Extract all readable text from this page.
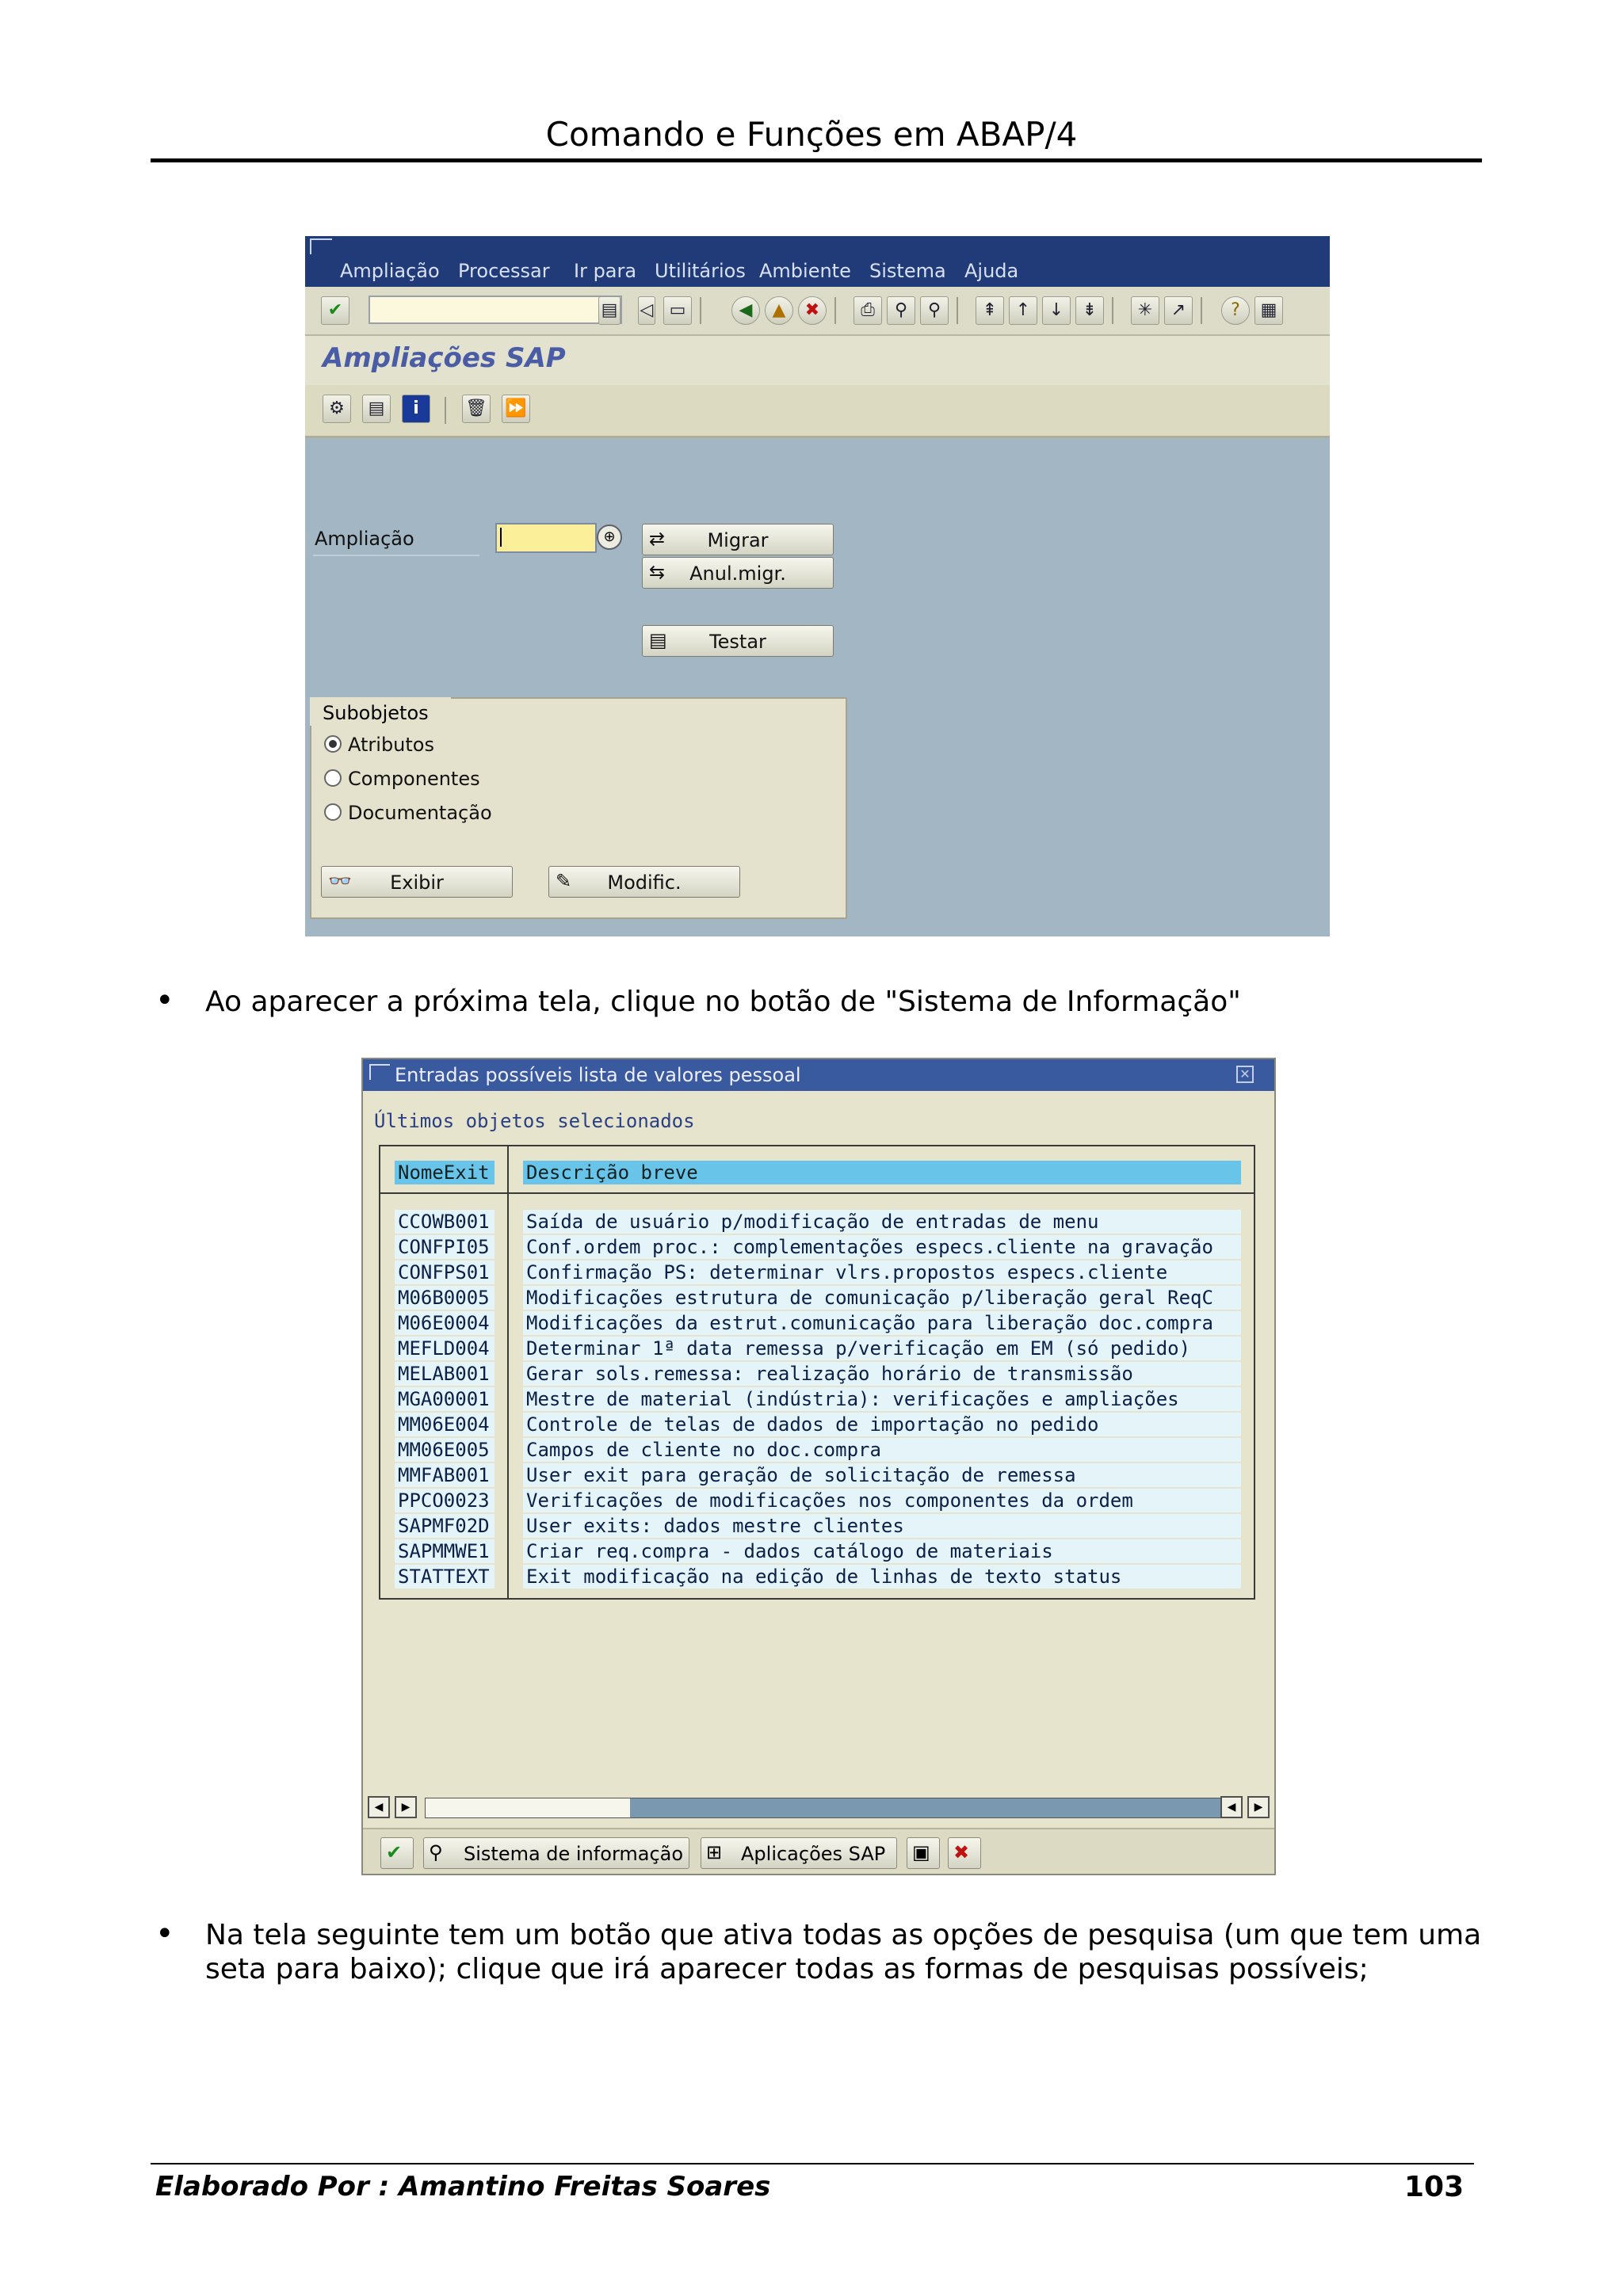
Comando e Funções em ABAP/4
Ampliação Processar Ir para Utilitários Ambiente Sistema Ajuda
✔	▤ ◁ ▭	◀	▲	✖	⎙	⚲	⚲	⇞	↑	↓	⇟	✳	↗	?	▦
Ampliações SAP
⚙	▤	i	🗑 ⏩
Ampliação	⊕	⇄	Migrar
⇆	Anul.migr.
▤	Testar
Subobjetos
Atributos
Componentes
Documentação
👓	Exibir	✎	Modific.
• Ao aparecer a próxima tela, clique no botão de "Sistema de Informação"
Entradas possíveis lista de valores pessoal	✕
Últimos objetos selecionados
NomeExit Descrição breve
CCOWB001 Saída de usuário p/modificação de entradas de menu
CONFPI05 Conf.ordem proc.: complementações especs.cliente na gravação
CONFPS01 Confirmação PS: determinar vlrs.propostos especs.cliente
M06B0005 Modificações estrutura de comunicação p/liberação geral ReqC
M06E0004 Modificações da estrut.comunicação para liberação doc.compra
MEFLD004 Determinar 1ª data remessa p/verificação em EM (só pedido)
MELAB001 Gerar sols.remessa: realização horário de transmissão
MGA00001 Mestre de material (indústria): verificações e ampliações
MM06E004 Controle de telas de dados de importação no pedido
MM06E005 Campos de cliente no doc.compra
MMFAB001 User exit para geração de solicitação de remessa
PPCO0023 Verificações de modificações nos componentes da ordem
SAPMF02D User exits: dados mestre clientes
SAPMMWE1 Criar req.compra - dados catálogo de materiais
STATTEXT Exit modificação na edição de linhas de texto status
◀	▶	◀	▶
✔ ⚲ Sistema de informação ⊞ Aplicações SAP ▣ ✖
• Na tela seguinte tem um botão que ativa todas as opções de pesquisa (um que tem uma
seta para baixo); clique que irá aparecer todas as formas de pesquisas possíveis;
Elaborado Por : Amantino Freitas Soares	103
